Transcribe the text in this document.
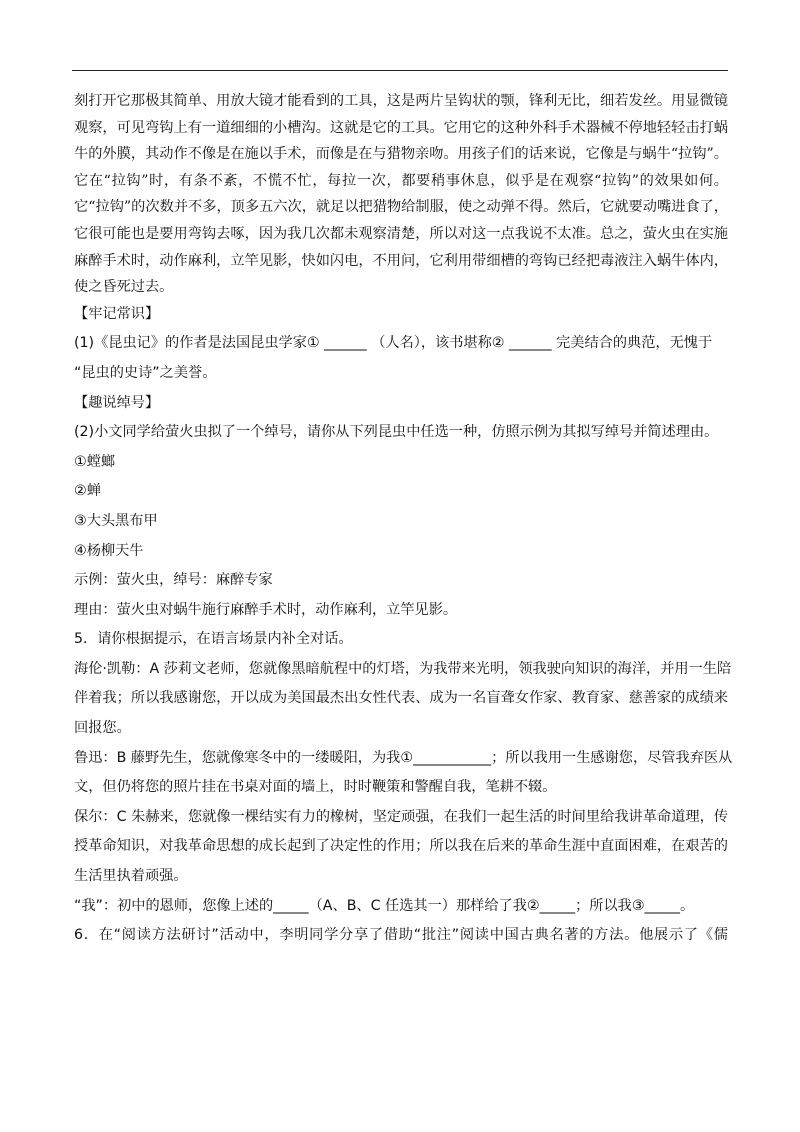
刻打开它那极其简单、用放大镜才能看到的工具，这是两片呈钩状的颚，锋利无比，细若发丝。用显微镜
观察，可见弯钩上有一道细细的小槽沟。这就是它的工具。它用它的这种外科手术器械不停地轻轻击打蜗
牛的外膜，其动作不像是在施以手术，而像是在与猎物亲吻。用孩子们的话来说，它像是与蜗牛“拉钩”。
它在“拉钩”时，有条不紊，不慌不忙，每拉一次，都要稍事休息，似乎是在观察“拉钩”的效果如何。
它“拉钩”的次数并不多，顶多五六次，就足以把猎物给制服，使之动弹不得。然后，它就要动嘴进食了，
它很可能也是要用弯钩去啄，因为我几次都未观察清楚，所以对这一点我说不太准。总之，萤火虫在实施
麻醉手术时，动作麻利，立竿见影，快如闪电，不用问，它利用带细槽的弯钩已经把毒液注入蜗牛体内，
使之昏死过去。
【牢记常识】
(1)《昆虫记》的作者是法国昆虫学家① ______ （人名），该书堪称② ______ 完美结合的典范，无愧于
“昆虫的史诗”之美誉。
【趣说绰号】
(2)小文同学给萤火虫拟了一个绰号，请你从下列昆虫中任选一种，仿照示例为其拟写绰号并简述理由。
①螳螂
②蝉
③大头黑布甲
④杨柳天牛
示例：萤火虫，绰号：麻醉专家
理由：萤火虫对蜗牛施行麻醉手术时，动作麻利，立竿见影。
5．请你根据提示，在语言场景内补全对话。
海伦·凯勒：A 莎莉文老师，您就像黑暗航程中的灯塔，为我带来光明，领我驶向知识的海洋，并用一生陪
伴着我；所以我感谢您，开以成为美国最杰出女性代表、成为一名盲聋女作家、教育家、慈善家的成绩来
回报您。
鲁迅：B 藤野先生，您就像寒冬中的一缕暖阳，为我①___________；所以我用一生感谢您，尽管我弃医从
文，但仍将您的照片挂在书桌对面的墙上，时时鞭策和警醒自我，笔耕不辍。
保尔：C 朱赫来，您就像一棵结实有力的橡树，坚定顽强，在我们一起生活的时间里给我讲革命道理，传
授革命知识，对我革命思想的成长起到了决定性的作用；所以我在后来的革命生涯中直面困难，在艰苦的
生活里执着顽强。
“我”：初中的恩师，您像上述的_____（A、B、C 任选其一）那样给了我②_____；所以我③_____。
6．在“阅读方法研讨”活动中，李明同学分享了借助“批注”阅读中国古典名著的方法。他展示了《儒
